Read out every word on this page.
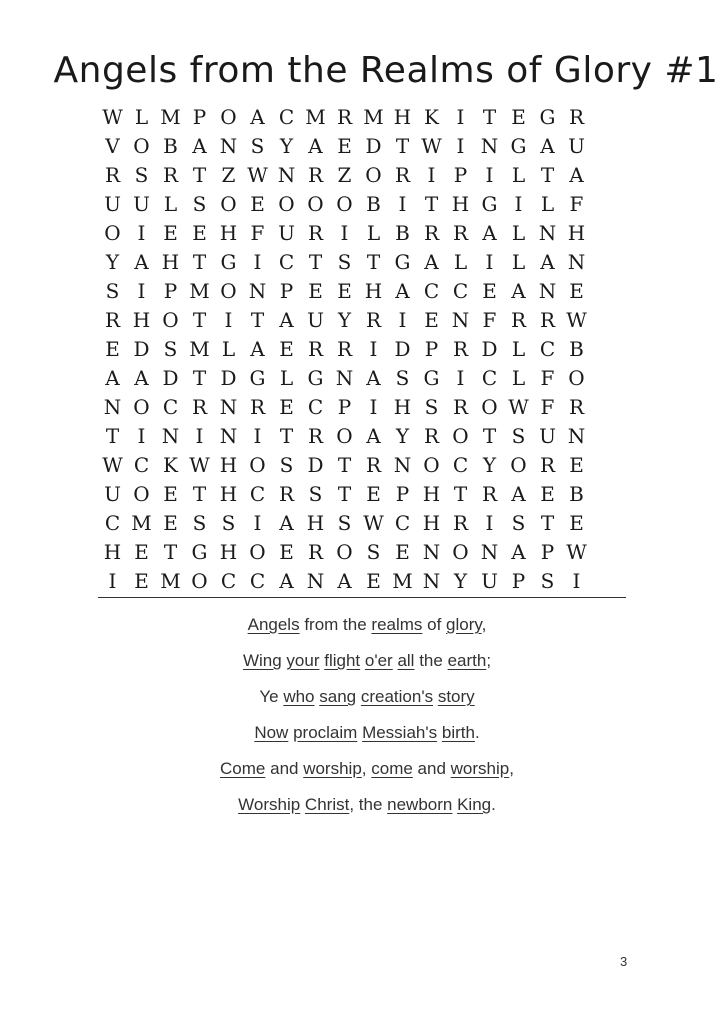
Angels from the Realms of Glory #1
W L M P O A C M R M H K I T E G R
V O B A N S Y A E D T W I N G A U
R S R T Z W N R Z O R I P I L T A
U U L S O E O O O B I T H G I L F
O I E E H F U R I L B R R A L N H
Y A H T G I C T S T G A L I L A N
S I P M O N P E E H A C C E A N E
R H O T I T A U Y R I E N F R R W
E D S M L A E R R I D P R D L C B
A A D T D G L G N A S G I C L F O
N O C R N R E C P I H S R O W F R
T I N I N I T R O A Y R O T S U N
W C K W H O S D T R N O C Y O R E
U O E T H C R S T E P H T R A E B
C M E S S I A H S W C H R I S T E
H E T G H O E R O S E N O N A P W
I E M O C C A N A E M N Y U P S I
Angels from the realms of glory,
Wing your flight o'er all the earth;
Ye who sang creation's story
Now proclaim Messiah's birth.
Come and worship, come and worship,
Worship Christ, the newborn King.
3
